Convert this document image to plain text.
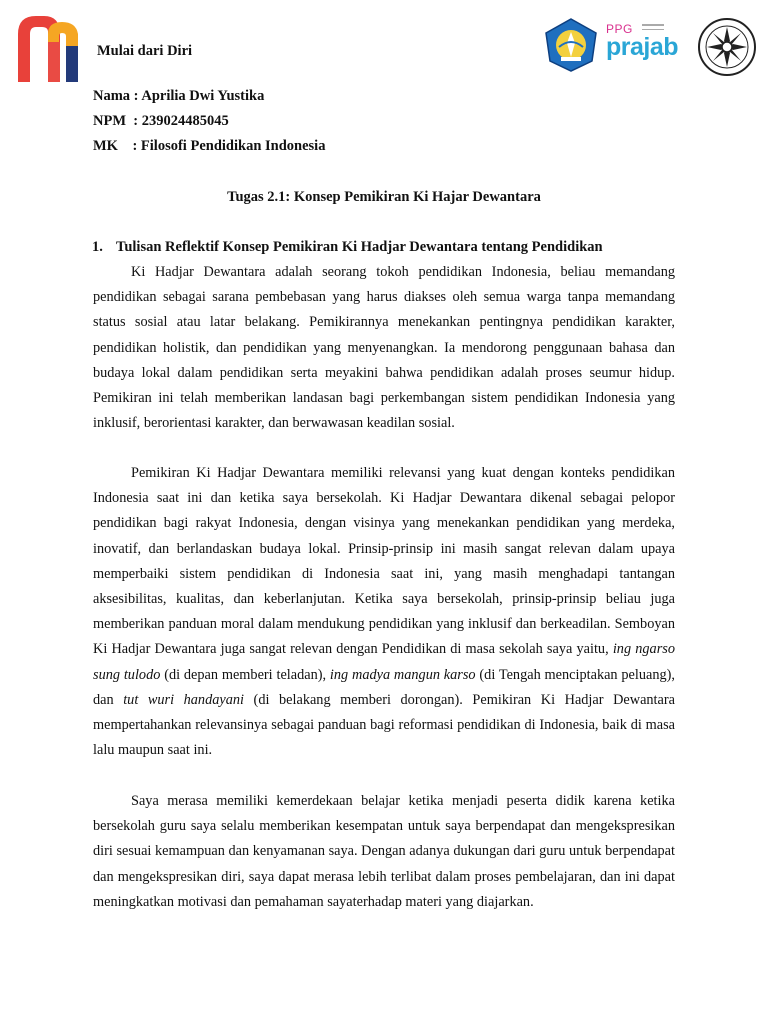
Mulai dari Diri
PPG
prajab
Nama : Aprilia Dwi Yustika
NPM  : 239024485045
MK    : Filosofi Pendidikan Indonesia
Tugas 2.1: Konsep Pemikiran Ki Hajar Dewantara
1. Tulisan Reflektif Konsep Pemikiran Ki Hadjar Dewantara tentang Pendidikan

Ki Hadjar Dewantara adalah seorang tokoh pendidikan Indonesia, beliau memandang pendidikan sebagai sarana pembebasan yang harus diakses oleh semua warga tanpa memandang status sosial atau latar belakang. Pemikirannya menekankan pentingnya pendidikan karakter, pendidikan holistik, dan pendidikan yang menyenangkan. Ia mendorong penggunaan bahasa dan budaya lokal dalam pendidikan serta meyakini bahwa pendidikan adalah proses seumur hidup. Pemikiran ini telah memberikan landasan bagi perkembangan sistem pendidikan Indonesia yang inklusif, berorientasi karakter, dan berwawasan keadilan sosial.

Pemikiran Ki Hadjar Dewantara memiliki relevansi yang kuat dengan konteks pendidikan Indonesia saat ini dan ketika saya bersekolah. Ki Hadjar Dewantara dikenal sebagai pelopor pendidikan bagi rakyat Indonesia, dengan visinya yang menekankan pendidikan yang merdeka, inovatif, dan berlandaskan budaya lokal. Prinsip-prinsip ini masih sangat relevan dalam upaya memperbaiki sistem pendidikan di Indonesia saat ini, yang masih menghadapi tantangan aksesibilitas, kualitas, dan keberlanjutan. Ketika saya bersekolah, prinsip-prinsip beliau juga memberikan panduan moral dalam mendukung pendidikan yang inklusif dan berkeadilan. Semboyan Ki Hadjar Dewantara juga sangat relevan dengan Pendidikan di masa sekolah saya yaitu, ing ngarso sung tulodo (di depan memberi teladan), ing madya mangun karso (di Tengah menciptakan peluang), dan tut wuri handayani (di belakang memberi dorongan). Pemikiran Ki Hadjar Dewantara mempertahankan relevansinya sebagai panduan bagi reformasi pendidikan di Indonesia, baik di masa lalu maupun saat ini.

Saya merasa memiliki kemerdekaan belajar ketika menjadi peserta didik karena ketika bersekolah guru saya selalu memberikan kesempatan untuk saya berpendapat dan mengekspresikan diri sesuai kemampuan dan kenyamanan saya. Dengan adanya dukungan dari guru untuk berpendapat dan mengekspresikan diri, saya dapat merasa lebih terlibat dalam proses pembelajaran, dan ini dapat meningkatkan motivasi dan pemahaman sayaterhadap materi yang diajarkan.
